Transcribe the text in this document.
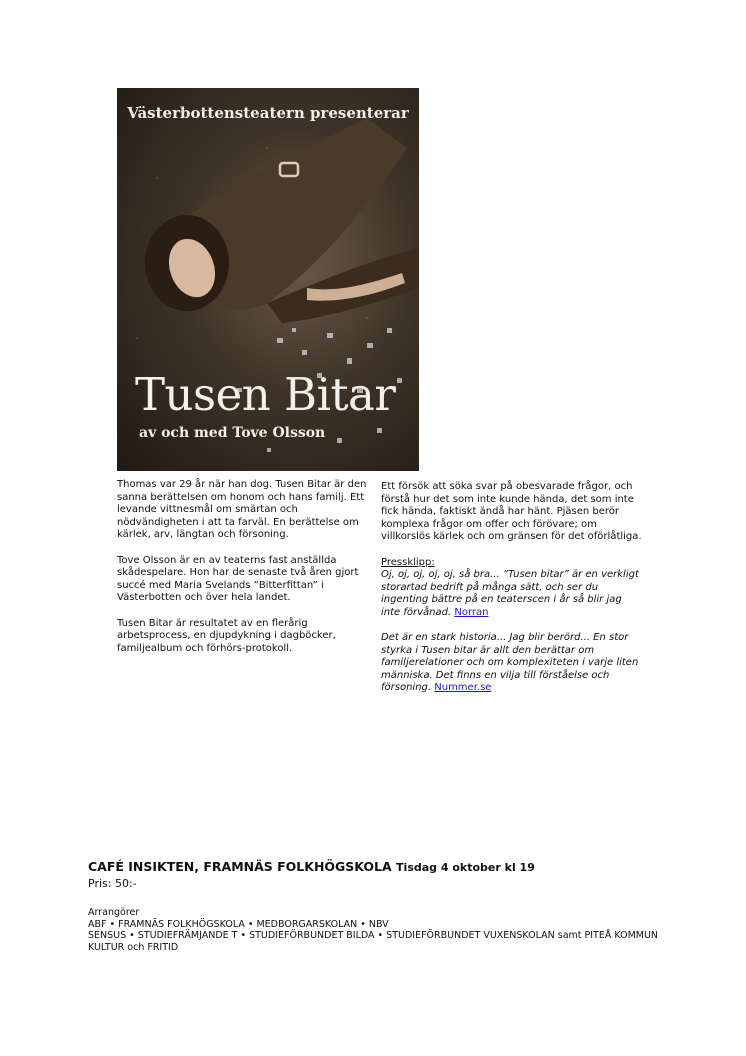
Västerbottensteatern presenterar
Tusen Bitar
av och med Tove Olsson

Thomas var 29 år när han dog. Tusen Bitar är den sanna berättelsen om honom och hans familj. Ett levande vittnesmål om smärtan och nödvändigheten i att ta farväl. En berättelse om kärlek, arv, längtan och försoning.

Tove Olsson är en av teaterns fast anställda skådespelare. Hon har de senaste två åren gjort succé med Maria Svelands ”Bitterfittan” i Västerbotten och över hela landet.

Tusen Bitar är resultatet av en flerårig arbetsprocess, en djupdykning i dagböcker, familjealbum och förhörs-protokoll.

Ett försök att söka svar på obesvarade frågor, och förstå hur det som inte kunde hända, det som inte fick hända, faktiskt ändå har hänt. Pjäsen berör komplexa frågor om offer och förövare; om villkorslös kärlek och om gränsen för det oförlåtliga.

Pressklipp:

Oj, oj, oj, oj, oj, så bra... ”Tusen bitar” är en verkligt storartad bedrift på många sätt, och ser du ingenting bättre på en teaterscen i år så blir jag inte förvånad. Norran

Det är en stark historia... Jag blir berörd... En stor styrka i Tusen bitar är allt den berättar om familjerelationer och om komplexiteten i varje liten människa. Det finns en vilja till förståelse och försoning. Nummer.se

CAFÉ INSIKTEN, FRAMNÄS FOLKHÖGSKOLA Tisdag 4 oktober kl 19
Pris: 50:-
Arrangörer
ABF • FRAMNÄS FOLKHÖGSKOLA • MEDBORGARSKOLAN • NBV
SENSUS • STUDIEFRÄMJANDE T • STUDIEFÖRBUNDET BILDA • STUDIEFÖRBUNDET VUXENSKOLAN samt PITEÅ KOMMUN KULTUR och FRITID
